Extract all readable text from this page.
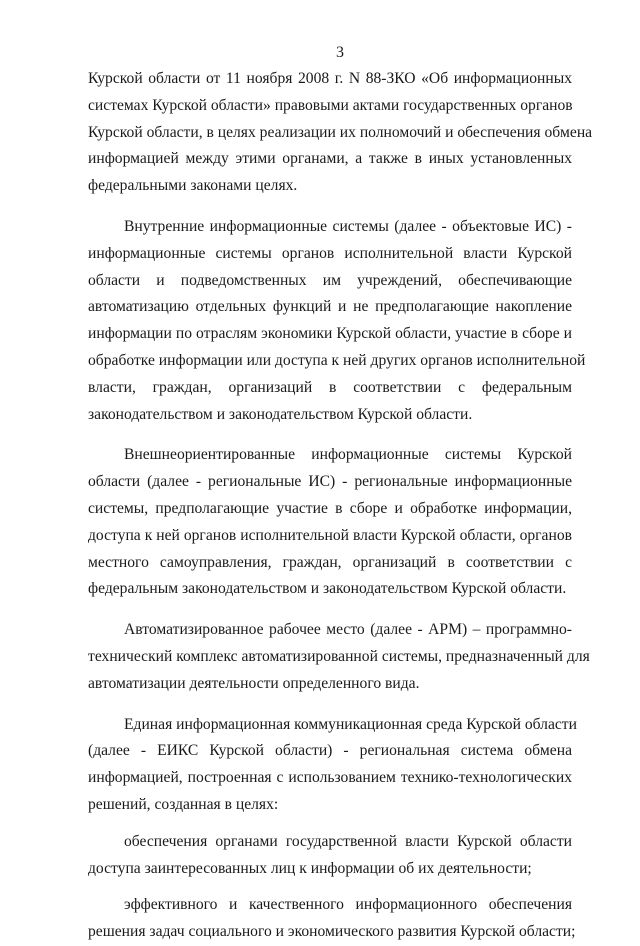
3
Курской области от 11 ноября 2008 г. N 88-ЗКО «Об информационных
системах Курской области» правовыми актами государственных органов
Курской области, в целях реализации их полномочий и обеспечения обмена
информацией между этими органами, а также в иных установленных
федеральными законами целях.
Внутренние информационные системы (далее - объектовые ИС) -
информационные системы органов исполнительной власти Курской
области и подведомственных им учреждений, обеспечивающие
автоматизацию отдельных функций и не предполагающие накопление
информации по отраслям экономики Курской области, участие в сборе и
обработке информации или доступа к ней других органов исполнительной
власти, граждан, организаций в соответствии с федеральным
законодательством и законодательством Курской области.
Внешнеориентированные информационные системы Курской
области (далее - региональные ИС) - региональные информационные
системы, предполагающие участие в сборе и обработке информации,
доступа к ней органов исполнительной власти Курской области, органов
местного самоуправления, граждан, организаций в соответствии с
федеральным законодательством и законодательством Курской области.
Автоматизированное рабочее место (далее - АРМ) – программно-
технический комплекс автоматизированной системы, предназначенный для
автоматизации деятельности определенного вида.
Единая информационная коммуникационная среда Курской области
(далее - ЕИКС Курской области) - региональная система обмена
информацией, построенная с использованием технико-технологических
решений, созданная в целях:
обеспечения органами государственной власти Курской области
доступа заинтересованных лиц к информации об их деятельности;
эффективного и качественного информационного обеспечения
решения задач социального и экономического развития Курской области;
